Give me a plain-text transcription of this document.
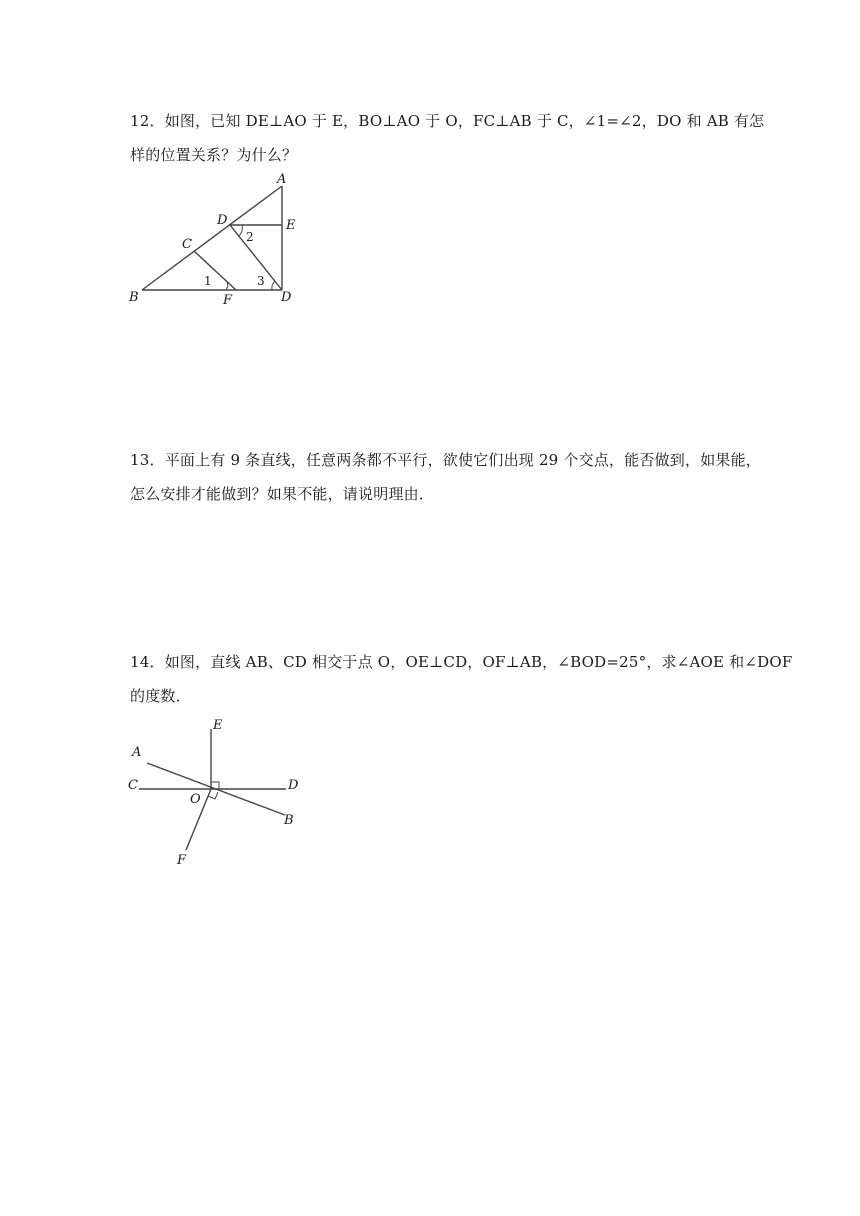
12．如图，已知 DE⊥AO 于 E，BO⊥AO 于 O，FC⊥AB 于 C，∠1=∠2，DO 和 AB 有怎
样的位置关系？为什么？
A
D	E
C
B	F	D
1
2
3
13．平面上有 9 条直线，任意两条都不平行，欲使它们出现 29 个交点，能否做到，如果能，
怎么安排才能做到？如果不能，请说明理由．
14．如图，直线 AB、CD 相交于点 O，OE⊥CD，OF⊥AB，∠BOD=25°，求∠AOE 和∠DOF
的度数．
E
A
C	D
O
B
F
